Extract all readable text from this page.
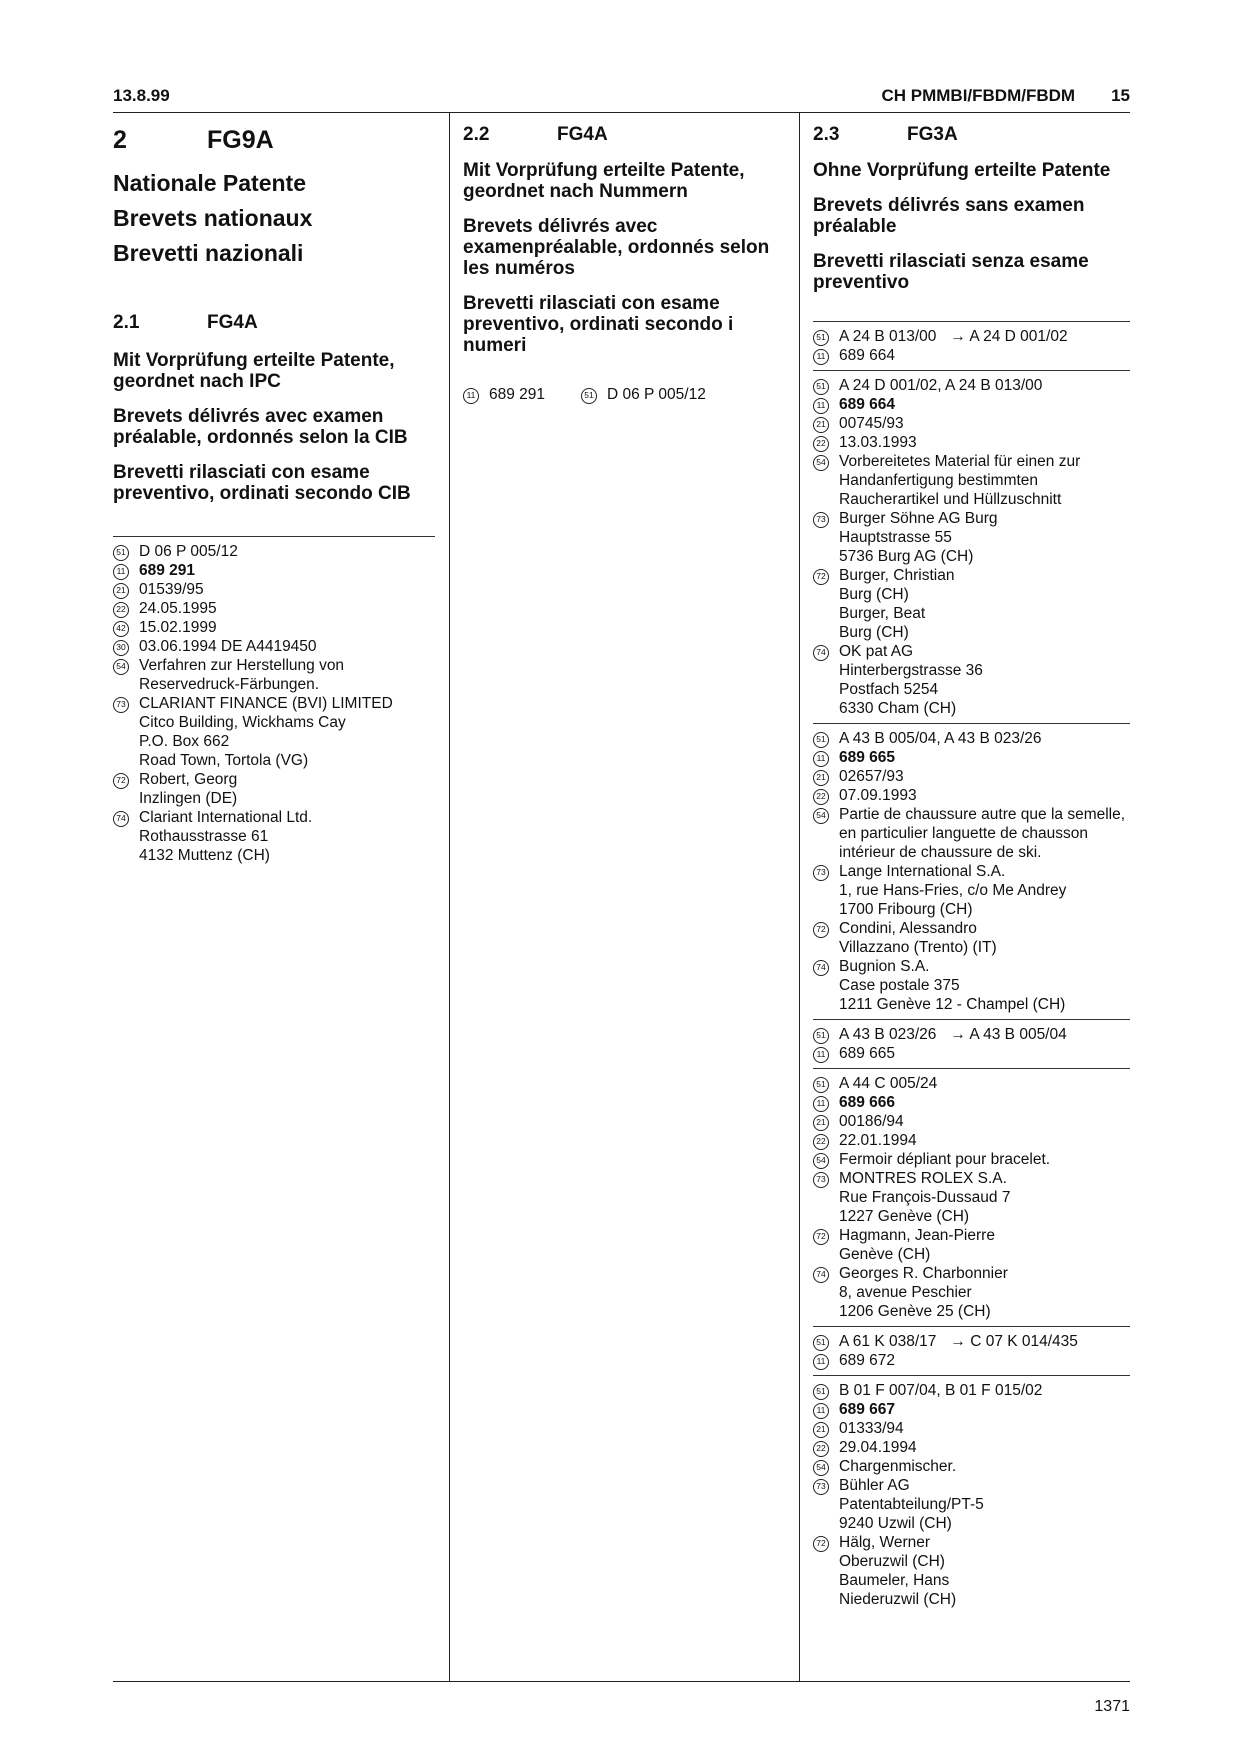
13.8.99	CH PMMBI/FBDM/FBDM 15
2	FG9A
Nationale Patente
Brevets nationaux
Brevetti nazionali
2.1	FG4A
Mit Vorprüfung erteilte Patente, geordnet nach IPC
Brevets délivrés avec examen préalable, ordonnés selon la CIB
Brevetti rilasciati con esame preventivo, ordinati secondo CIB
51 D 06 P 005/12
11 689 291
21 01539/95
22 24.05.1995
42 15.02.1999
30 03.06.1994 DE A4419450
54 Verfahren zur Herstellung von Reservedruck-Färbungen.
73 CLARIANT FINANCE (BVI) LIMITED
Citco Building, Wickhams Cay
P.O. Box 662
Road Town, Tortola (VG)
72 Robert, Georg
Inzlingen (DE)
74 Clariant International Ltd.
Rothausstrasse 61
4132 Muttenz (CH)
2.2	FG4A
Mit Vorprüfung erteilte Patente, geordnet nach Nummern
Brevets délivrés avec examenpréalable, ordonnés selon les numéros
Brevetti rilasciati con esame preventivo, ordinati secondo i numeri
11 689 291	51 D 06 P 005/12
2.3	FG3A
Ohne Vorprüfung erteilte Patente
Brevets délivrés sans examen préalable
Brevetti rilasciati senza esame preventivo
51 A 24 B 013/00 → A 24 D 001/02
11 689 664
51 A 24 D 001/02, A 24 B 013/00
11 689 664
21 00745/93
22 13.03.1993
54 Vorbereitetes Material für einen zur Handanfertigung bestimmten Raucherartikel und Hüllzuschnitt
73 Burger Söhne AG Burg
Hauptstrasse 55
5736 Burg AG (CH)
72 Burger, Christian
Burg (CH)
Burger, Beat
Burg (CH)
74 OK pat AG
Hinterbergstrasse 36
Postfach 5254
6330 Cham (CH)
51 A 43 B 005/04, A 43 B 023/26
11 689 665
21 02657/93
22 07.09.1993
54 Partie de chaussure autre que la semelle, en particulier languette de chausson intérieur de chaussure de ski.
73 Lange International S.A.
1, rue Hans-Fries, c/o Me Andrey
1700 Fribourg (CH)
72 Condini, Alessandro
Villazzano (Trento) (IT)
74 Bugnion S.A.
Case postale 375
1211 Genève 12 - Champel (CH)
51 A 43 B 023/26 → A 43 B 005/04
11 689 665
51 A 44 C 005/24
11 689 666
21 00186/94
22 22.01.1994
54 Fermoir dépliant pour bracelet.
73 MONTRES ROLEX S.A.
Rue François-Dussaud 7
1227 Genève (CH)
72 Hagmann, Jean-Pierre
Genève (CH)
74 Georges R. Charbonnier
8, avenue Peschier
1206 Genève 25 (CH)
51 A 61 K 038/17 → C 07 K 014/435
11 689 672
51 B 01 F 007/04, B 01 F 015/02
11 689 667
21 01333/94
22 29.04.1994
54 Chargenmischer.
73 Bühler AG
Patentabteilung/PT-5
9240 Uzwil (CH)
72 Hälg, Werner
Oberuzwil (CH)
Baumeler, Hans
Niederuzwil (CH)
1371
